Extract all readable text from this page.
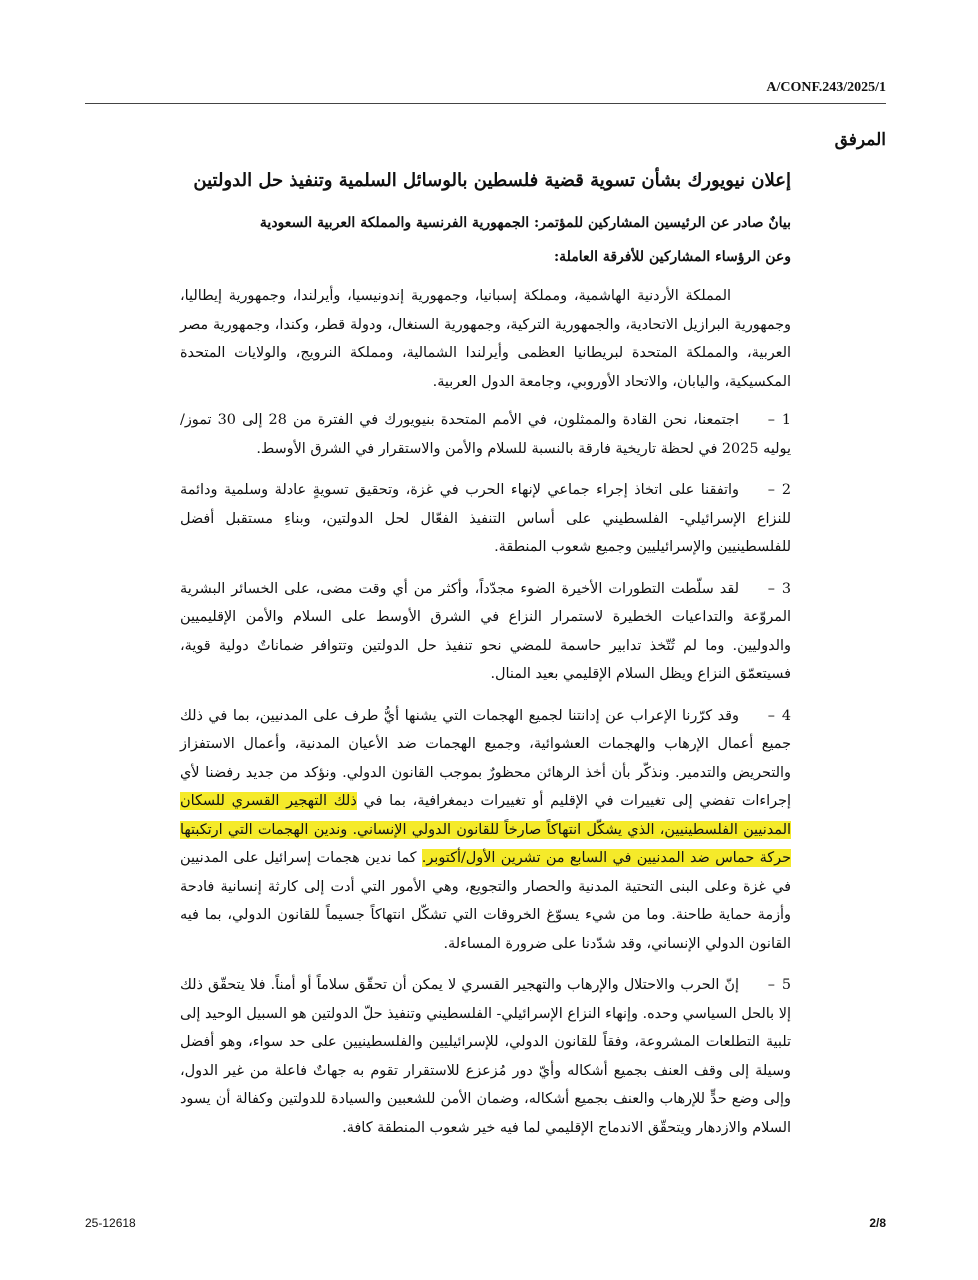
A/CONF.243/2025/1
المرفق
إعلان نيويورك بشأن تسوية قضية فلسطين بالوسائل السلمية وتنفيذ حل الدولتين
بيانٌ صادر عن الرئيسين المشاركين للمؤتمر: الجمهورية الفرنسية والمملكة العربية السعودية
وعن الرؤساء المشاركين للأفرقة العاملة:
المملكة الأردنية الهاشمية، ومملكة إسبانيا، وجمهورية إندونيسيا، وأيرلندا، وجمهورية إيطاليا، وجمهورية البرازيل الاتحادية، والجمهورية التركية، وجمهورية السنغال، ودولة قطر، وكندا، وجمهورية مصر العربية، والمملكة المتحدة لبريطانيا العظمى وأيرلندا الشمالية، ومملكة النرويج، والولايات المتحدة المكسيكية، واليابان، والاتحاد الأوروبي، وجامعة الدول العربية.
1–اجتمعنا، نحن القادة والممثلون، في الأمم المتحدة بنيويورك في الفترة من 28 إلى 30 تموز/يوليه 2025 في لحظة تاريخية فارقة بالنسبة للسلام والأمن والاستقرار في الشرق الأوسط.
2–واتفقنا على اتخاذ إجراء جماعي لإنهاء الحرب في غزة، وتحقيق تسويةٍ عادلة وسلمية ودائمة للنزاع الإسرائيلي- الفلسطيني على أساس التنفيذ الفعّال لحل الدولتين، وبناءِ مستقبل أفضل للفلسطينيين والإسرائيليين وجميع شعوب المنطقة.
3–لقد سلّطت التطورات الأخيرة الضوء مجدّداً، وأكثر من أي وقت مضى، على الخسائر البشرية المروّعة والتداعيات الخطيرة لاستمرار النزاع في الشرق الأوسط على السلام والأمن الإقليميين والدوليين. وما لم تُتّخذ تدابير حاسمة للمضي نحو تنفيذ حل الدولتين وتتوافر ضماناتٌ دولية قوية، فسيتعمّق النزاع ويظل السلام الإقليمي بعيد المنال.
4–وقد كرّرنا الإعراب عن إدانتنا لجميع الهجمات التي يشنها أيُّ طرف على المدنيين، بما في ذلك جميع أعمال الإرهاب والهجمات العشوائية، وجميع الهجمات ضد الأعيان المدنية، وأعمال الاستفزاز والتحريض والتدمير. ونذكّر بأن أخذ الرهائن محظورٌ بموجب القانون الدولي. ونؤكد من جديد رفضنا لأي إجراءات تفضي إلى تغييرات في الإقليم أو تغييرات ديمغرافية، بما في ذلك التهجير القسري للسكان المدنيين الفلسطينيين، الذي يشكّل انتهاكاً صارخاً للقانون الدولي الإنساني. وندين الهجمات التي ارتكبتها حركة حماس ضد المدنيين في السابع من تشرين الأول/أكتوبر. كما ندين هجمات إسرائيل على المدنيين في غزة وعلى البنى التحتية المدنية والحصار والتجويع، وهي الأمور التي أدت إلى كارثة إنسانية فادحة وأزمة حماية طاحنة. وما من شيء يسوّغ الخروقات التي تشكّل انتهاكاً جسيماً للقانون الدولي، بما فيه القانون الدولي الإنساني، وقد شدّدنا على ضرورة المساءلة.
5–إنّ الحرب والاحتلال والإرهاب والتهجير القسري لا يمكن أن تحقّق سلاماً أو أمناً. فلا يتحقّق ذلك إلا بالحل السياسي وحده. وإنهاء النزاع الإسرائيلي- الفلسطيني وتنفيذ حلّ الدولتين هو السبيل الوحيد إلى تلبية التطلعات المشروعة، وفقاً للقانون الدولي، للإسرائيليين والفلسطينيين على حد سواء، وهو أفضل وسيلة إلى وقف العنف بجميع أشكاله وأيّ دور مُزعزع للاستقرار تقوم به جهاتٌ فاعلة من غير الدول، وإلى وضع حدٍّ للإرهاب والعنف بجميع أشكاله، وضمان الأمن للشعبين والسيادة للدولتين وكفالة أن يسود السلام والازدهار ويتحقّق الاندماج الإقليمي لما فيه خير شعوب المنطقة كافة.
25-12618	2/8
